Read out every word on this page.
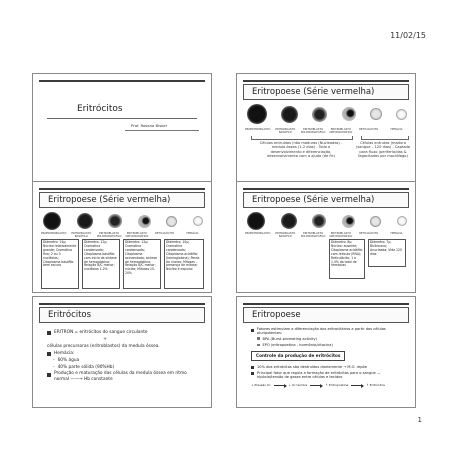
11/02/15
Eritrócitos
Prof. Rosana Bisker
Eritropoese (Série vermelha)
PROERITROBLASTO	ERITROBLASTO BASÓFILO
ERITROBLASTO POLICROMATÓFILO
ERITROBLASTO ORTOCROMÁTICO
RETICULÓCITO	HEMÁCIA
Células entruídas (não maduras (Nucleadas) - medula óssea (1-2 dias) - Todo o desenvolvimento e diferenciação, desenvolvimento com a ajuda (de Fe)
Células entrutas (madura (sangue – 120 dias) - Captada para fluxo (periferia/das & fagocitadas por macrófago)
Eritropoese (Série vermelha)
PROERITROBLASTO	ERITROBLASTO BASÓFILO
ERITROBLASTO POLICROMATÓFILO
ERITROBLASTO ORTOCROMÁTICO
RETICULÓCITO	HEMÁCIA
Diâmetro: 14µ; Núcleo relativamente grande; Cromatina fina; 2 ou 3 nucléolos; Citoplasma basófilo bem escuro
Diâmetro: 12µ; Cromatina condensada; Citoplasma basófilo com início da síntese de hemoglobina; Relação N/C menor; nucléolos 1-2%
Diâmetro: 12µ; Cromatina condensada; Citoplasma acinzentado; síntese de hemoglobina; Relação N/C menor; núcleo; Mitoses 10-20%
Diâmetro: 10µ; Cromatina condensada; Citoplasma acidófilo (hemoglobina); Perda do núcleo; Mitoses - presença de mitose; Núcleo é expulso
Eritropoese (Série vermelha)
PROERITROBLASTO	ERITROBLASTO BASÓFILO
ERITROBLASTO POLICROMATÓFILO
ERITROBLASTO ORTOCROMÁTICO
RETICULÓCITO	HEMÁCIA
Diâmetro: 8µ; Núcleo: ausente; Citoplasma acidófilo com retículo (RNA); Reticulócito; 1 a 1,5% do total de hemácias
Diâmetro: 7µ; Bicôncavo; Anucleada; Vida 120 dias
Eritrócitos
ERITRON = eritrócitos do sangue circulante
+
células precursoras (eritroblastos) da medula óssea.
Hemácia:
- 60% água
- 40% parte sólida (90%Hb)
Produção e maturação das células da medula óssea em ritmo normal ——→ Hb constante
Eritropoese
Fatores estimulam a diferenciação dos eritrocitários a partir das células pluripotentes:
BPA (Burst-promoting activity)
EPO (eritropoetina - hormônio/citocina)
Controle da produção de eritrócitos
10% dos eritrócitos são destruídos diariamente → M.O. repõe
Principal fator que regula a formação de eritrócitos para o sangue — hipóxia/tensão de gases entre células e tecidos
↓ Pressão O₂	↓ O₂ tecidos	↑ Eritropoetina	↑ Eritrócitos
1
